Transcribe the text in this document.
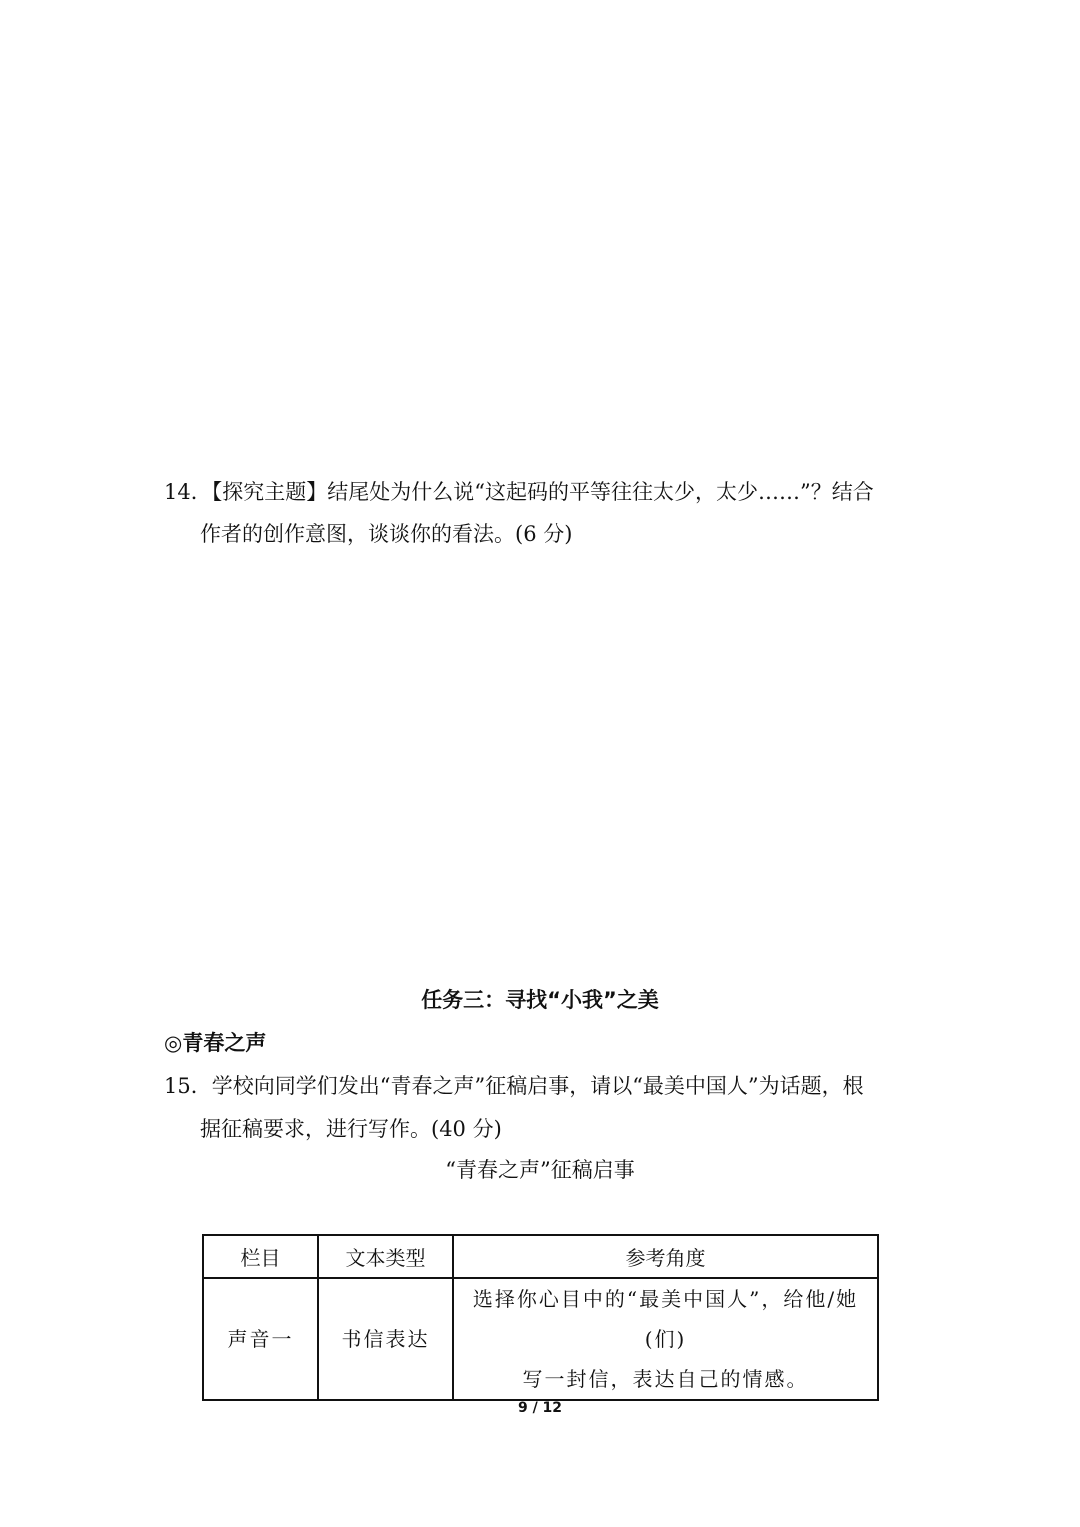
14．【探究主题】结尾处为什么说“这起码的平等往往太少，太少……”？结合
作者的创作意图，谈谈你的看法。(6 分)
任务三：寻找“小我”之美
◎青春之声
15．学校向同学们发出“青春之声”征稿启事，请以“最美中国人”为话题，根
据征稿要求，进行写作。(40 分)
“青春之声”征稿启事
栏目	文本类型	参考角度
声音一	书信表达	选择你心目中的“最美中国人”，给他/她(们)
写一封信，表达自己的情感。
9 / 12
